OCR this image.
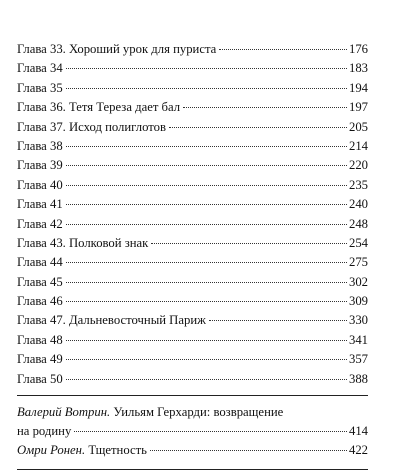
Глава 33. Хороший урок для пуриста	176
Глава 34	183
Глава 35	194
Глава 36. Тетя Тереза дает бал	197
Глава 37. Исход полиглотов	205
Глава 38	214
Глава 39	220
Глава 40	235
Глава 41	240
Глава 42	248
Глава 43. Полковой знак	254
Глава 44	275
Глава 45	302
Глава 46	309
Глава 47. Дальневосточный Париж	330
Глава 48	341
Глава 49	357
Глава 50	388
Валерий Вотрин. Уильям Герхарди: возвращение
на родину	414
Омри Ронен. Тщетность	422
